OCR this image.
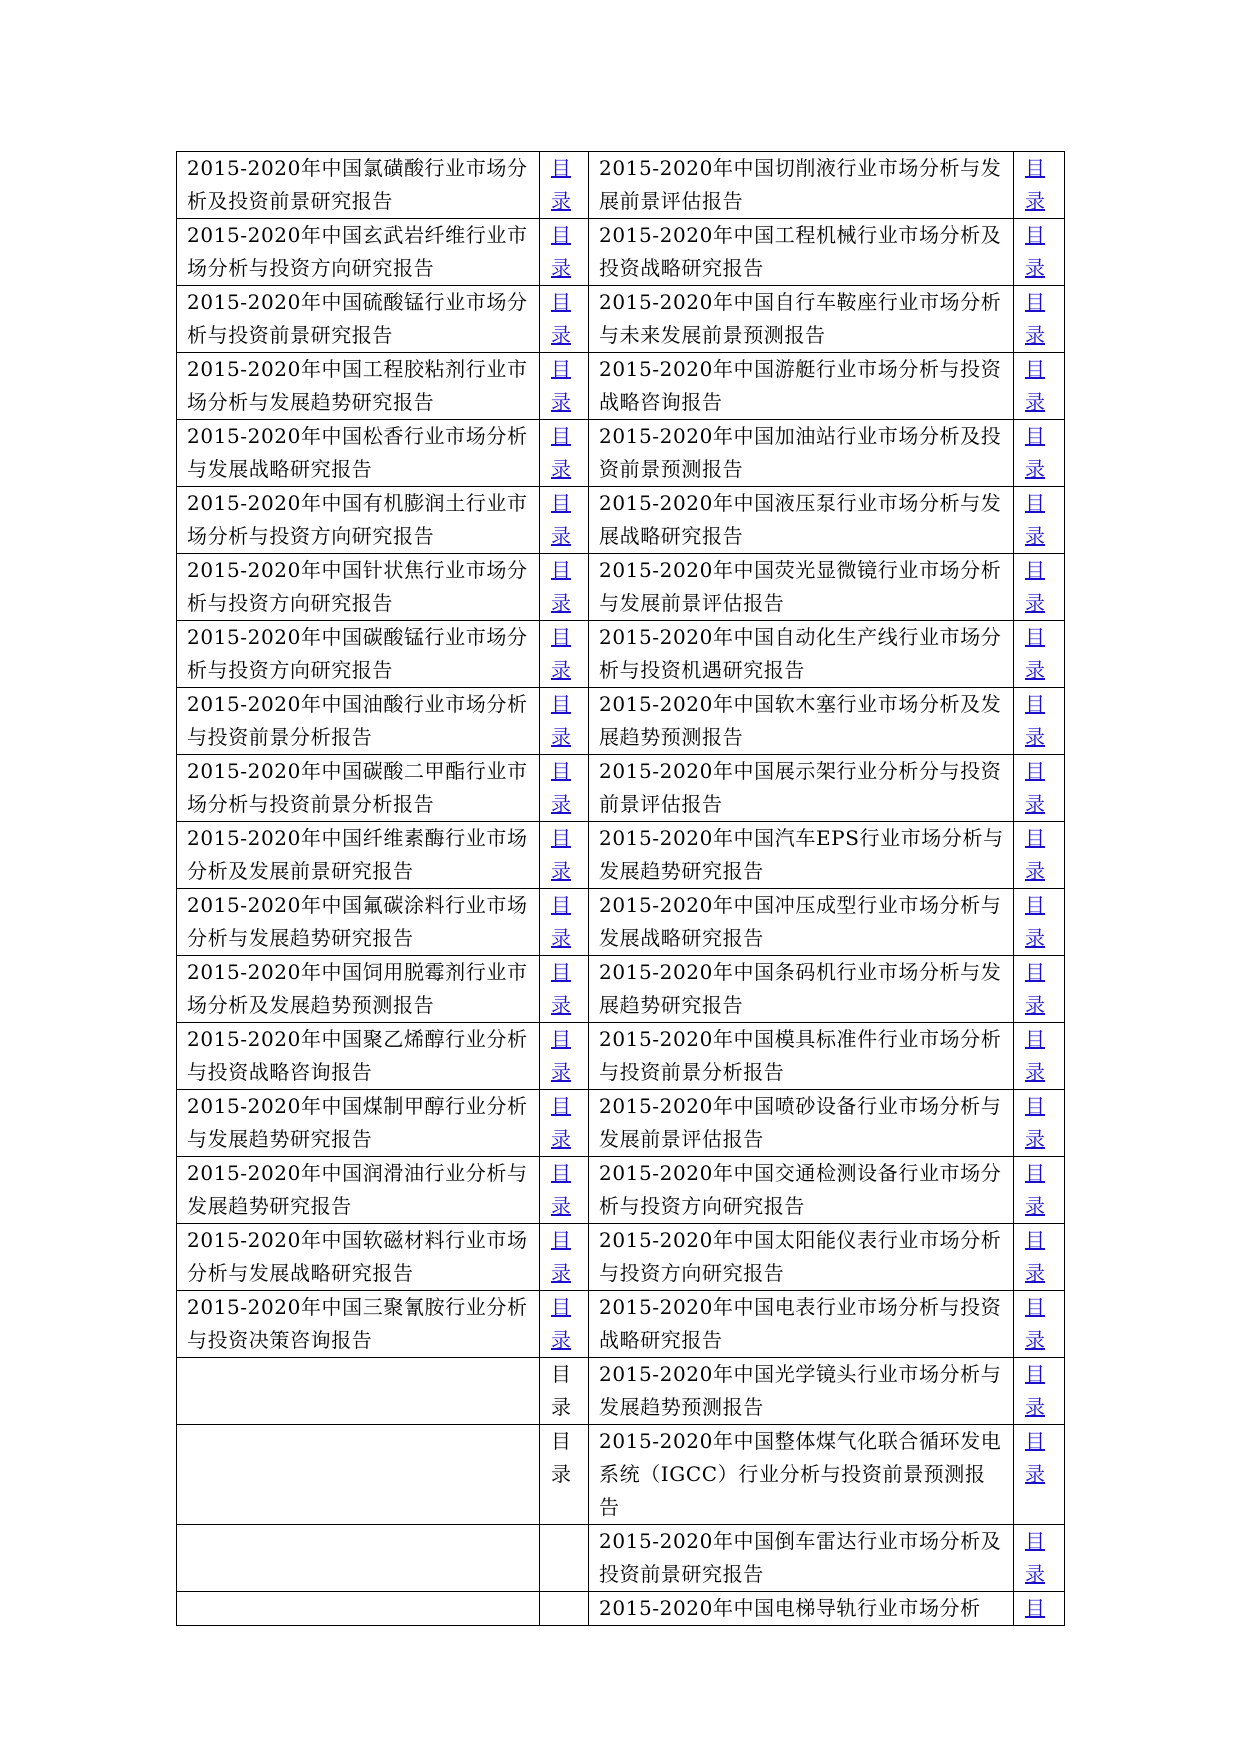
2015-2020年中国氯磺酸行业市场分析及投资前景研究报告	目录	2015-2020年中国切削液行业市场分析与发展前景评估报告	目录

2015-2020年中国玄武岩纤维行业市场分析与投资方向研究报告	目录	2015-2020年中国工程机械行业市场分析及投资战略研究报告	目录

2015-2020年中国硫酸锰行业市场分析与投资前景研究报告	目录	2015-2020年中国自行车鞍座行业市场分析与未来发展前景预测报告	目录

2015-2020年中国工程胶粘剂行业市场分析与发展趋势研究报告	目录	2015-2020年中国游艇行业市场分析与投资战略咨询报告	目录

2015-2020年中国松香行业市场分析与发展战略研究报告	目录	2015-2020年中国加油站行业市场分析及投资前景预测报告	目录

2015-2020年中国有机膨润土行业市场分析与投资方向研究报告	目录	2015-2020年中国液压泵行业市场分析与发展战略研究报告	目录

2015-2020年中国针状焦行业市场分析与投资方向研究报告	目录	2015-2020年中国荧光显微镜行业市场分析与发展前景评估报告	目录

2015-2020年中国碳酸锰行业市场分析与投资方向研究报告	目录	2015-2020年中国自动化生产线行业市场分析与投资机遇研究报告	目录

2015-2020年中国油酸行业市场分析与投资前景分析报告	目录	2015-2020年中国软木塞行业市场分析及发展趋势预测报告	目录

2015-2020年中国碳酸二甲酯行业市场分析与投资前景分析报告	目录	2015-2020年中国展示架行业分析分与投资前景评估报告	目录

2015-2020年中国纤维素酶行业市场分析及发展前景研究报告	目录	2015-2020年中国汽车EPS行业市场分析与发展趋势研究报告	目录

2015-2020年中国氟碳涂料行业市场分析与发展趋势研究报告	目录	2015-2020年中国冲压成型行业市场分析与发展战略研究报告	目录

2015-2020年中国饲用脱霉剂行业市场分析及发展趋势预测报告	目录	2015-2020年中国条码机行业市场分析与发展趋势研究报告	目录

2015-2020年中国聚乙烯醇行业分析与投资战略咨询报告	目录	2015-2020年中国模具标准件行业市场分析与投资前景分析报告	目录

2015-2020年中国煤制甲醇行业分析与发展趋势研究报告	目录	2015-2020年中国喷砂设备行业市场分析与发展前景评估报告	目录

2015-2020年中国润滑油行业分析与发展趋势研究报告	目录	2015-2020年中国交通检测设备行业市场分析与投资方向研究报告	目录

2015-2020年中国软磁材料行业市场分析与发展战略研究报告	目录	2015-2020年中国太阳能仪表行业市场分析与投资方向研究报告	目录

2015-2020年中国三聚氰胺行业分析与投资决策咨询报告	目录	2015-2020年中国电表行业市场分析与投资战略研究报告	目录

	目录	2015-2020年中国光学镜头行业市场分析与发展趋势预测报告	目录

	目录	2015-2020年中国整体煤气化联合循环发电系统（IGCC）行业分析与投资前景预测报告	目录

		2015-2020年中国倒车雷达行业市场分析及投资前景研究报告	目录

		2015-2020年中国电梯导轨行业市场分析	目
